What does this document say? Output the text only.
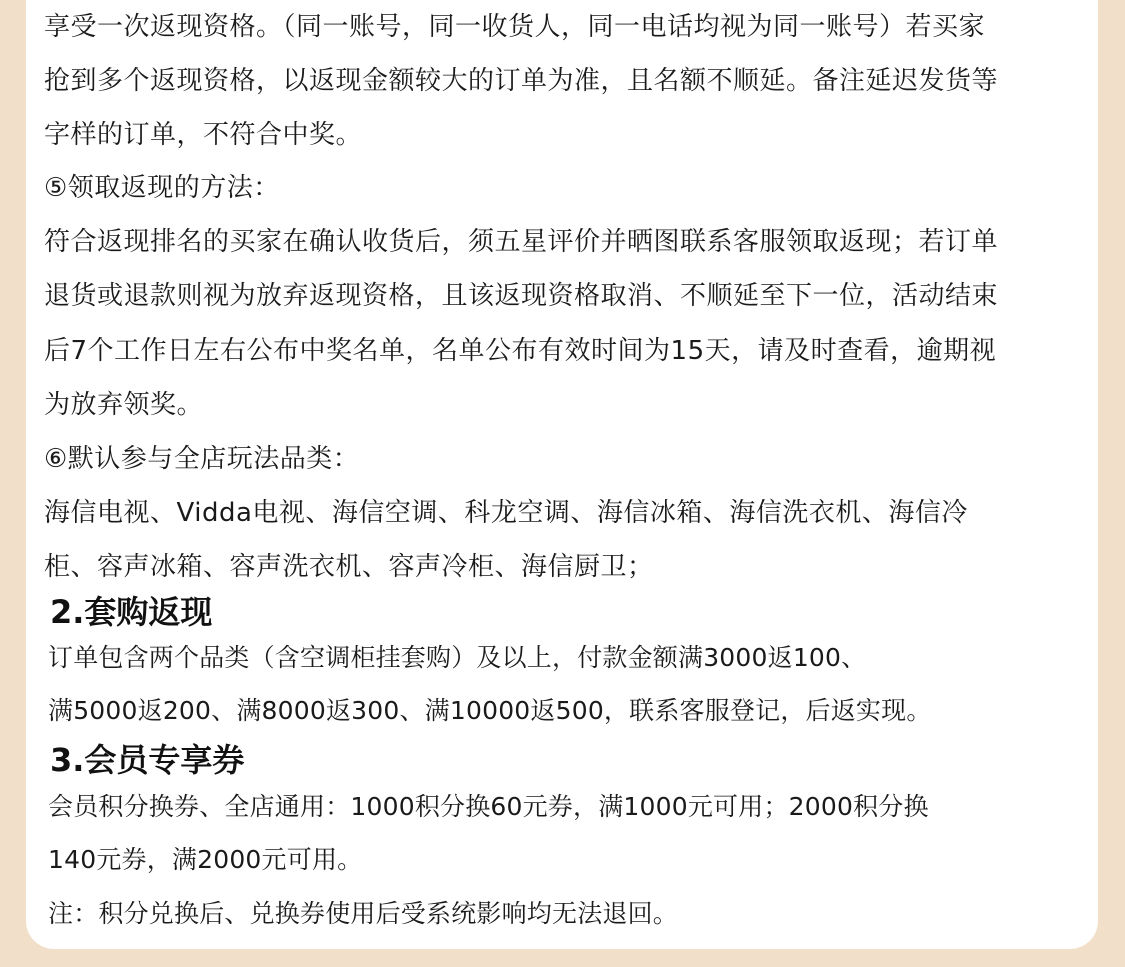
享受一次返现资格。（同一账号，同一收货人，同一电话均视为同一账号）若买家
抢到多个返现资格，以返现金额较大的订单为准，且名额不顺延。备注延迟发货等
字样的订单，不符合中奖。
⑤领取返现的方法：
符合返现排名的买家在确认收货后，须五星评价并晒图联系客服领取返现；若订单
退货或退款则视为放弃返现资格，且该返现资格取消、不顺延至下一位，活动结束
后7个工作日左右公布中奖名单，名单公布有效时间为15天，请及时查看，逾期视
为放弃领奖。
⑥默认参与全店玩法品类：
海信电视、Vidda电视、海信空调、科龙空调、海信冰箱、海信洗衣机、海信冷
柜、容声冰箱、容声洗衣机、容声冷柜、海信厨卫；
2.套购返现
订单包含两个品类（含空调柜挂套购）及以上，付款金额满3000返100、
满5000返200、满8000返300、满10000返500，联系客服登记，后返实现。
3.会员专享券
会员积分换券、全店通用：1000积分换60元券，满1000元可用；2000积分换
140元券，满2000元可用。
注：积分兑换后、兑换券使用后受系统影响均无法退回。
